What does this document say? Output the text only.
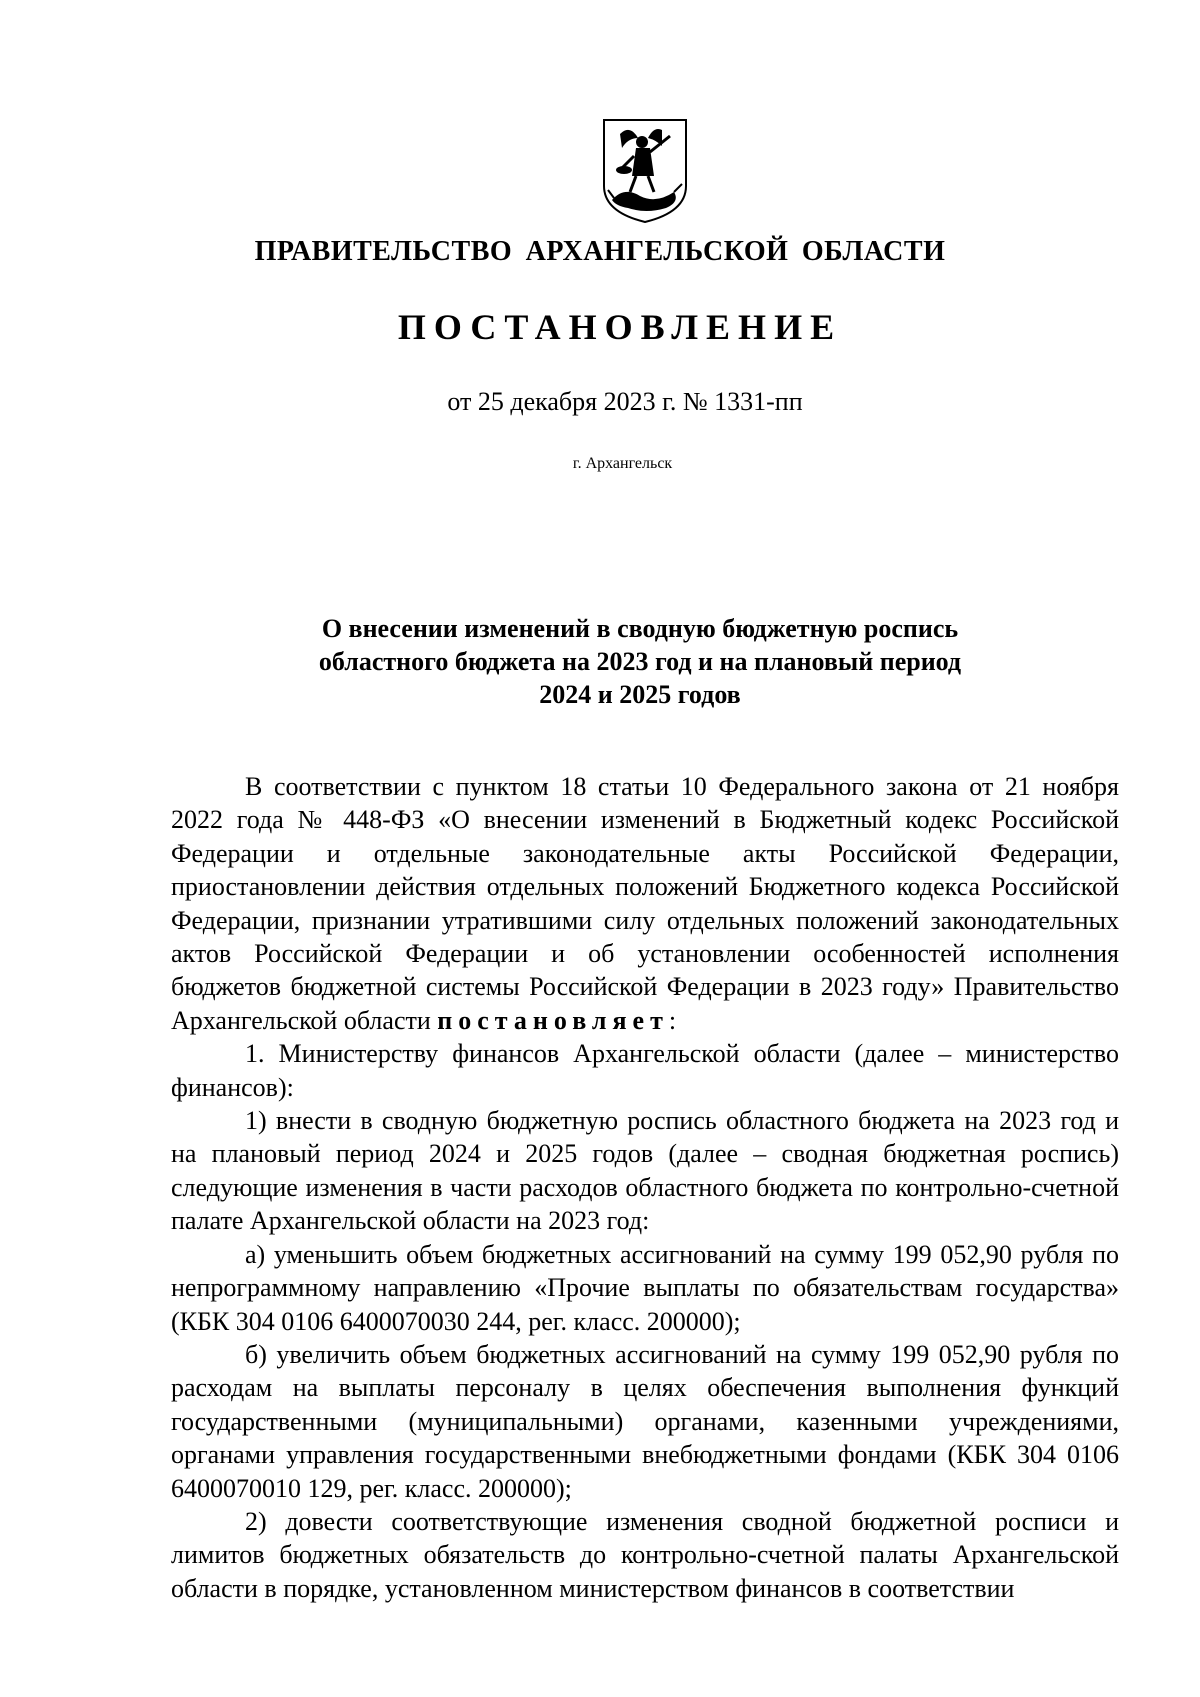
ПРАВИТЕЛЬСТВО АРХАНГЕЛЬСКОЙ ОБЛАСТИ
ПОСТАНОВЛЕНИЕ
от 25 декабря 2023 г. № 1331-пп
г. Архангельск
О внесении изменений в сводную бюджетную роспись
областного бюджета на 2023 год и на плановый период
2024 и 2025 годов

В соответствии с пунктом 18 статьи 10 Федерального закона от 21 ноября 2022 года № 448-ФЗ «О внесении изменений в Бюджетный кодекс Российской Федерации и отдельные законодательные акты Российской Федерации, приостановлении действия отдельных положений Бюджетного кодекса Российской Федерации, признании утратившими силу отдельных положений законодательных актов Российской Федерации и об установлении особенностей исполнения бюджетов бюджетной системы Российской Федерации в 2023 году» Правительство Архангельской области постановляет:

1. Министерству финансов Архангельской области (далее – министерство финансов):

1) внести в сводную бюджетную роспись областного бюджета на 2023 год и на плановый период 2024 и 2025 годов (далее – сводная бюджетная роспись) следующие изменения в части расходов областного бюджета по контрольно-счетной палате Архангельской области на 2023 год:

а) уменьшить объем бюджетных ассигнований на сумму 199 052,90 рубля по непрограммному направлению «Прочие выплаты по обязательствам государства» (КБК 304 0106 6400070030 244, рег. класс. 200000);

б) увеличить объем бюджетных ассигнований на сумму 199 052,90 рубля по расходам на выплаты персоналу в целях обеспечения выполнения функций государственными (муниципальными) органами, казенными учреждениями, органами управления государственными внебюджетными фондами (КБК 304 0106 6400070010 129, рег. класс. 200000);

2) довести соответствующие изменения сводной бюджетной росписи и лимитов бюджетных обязательств до контрольно-счетной палаты Архангельской области в порядке, установленном министерством финансов в соответствии
